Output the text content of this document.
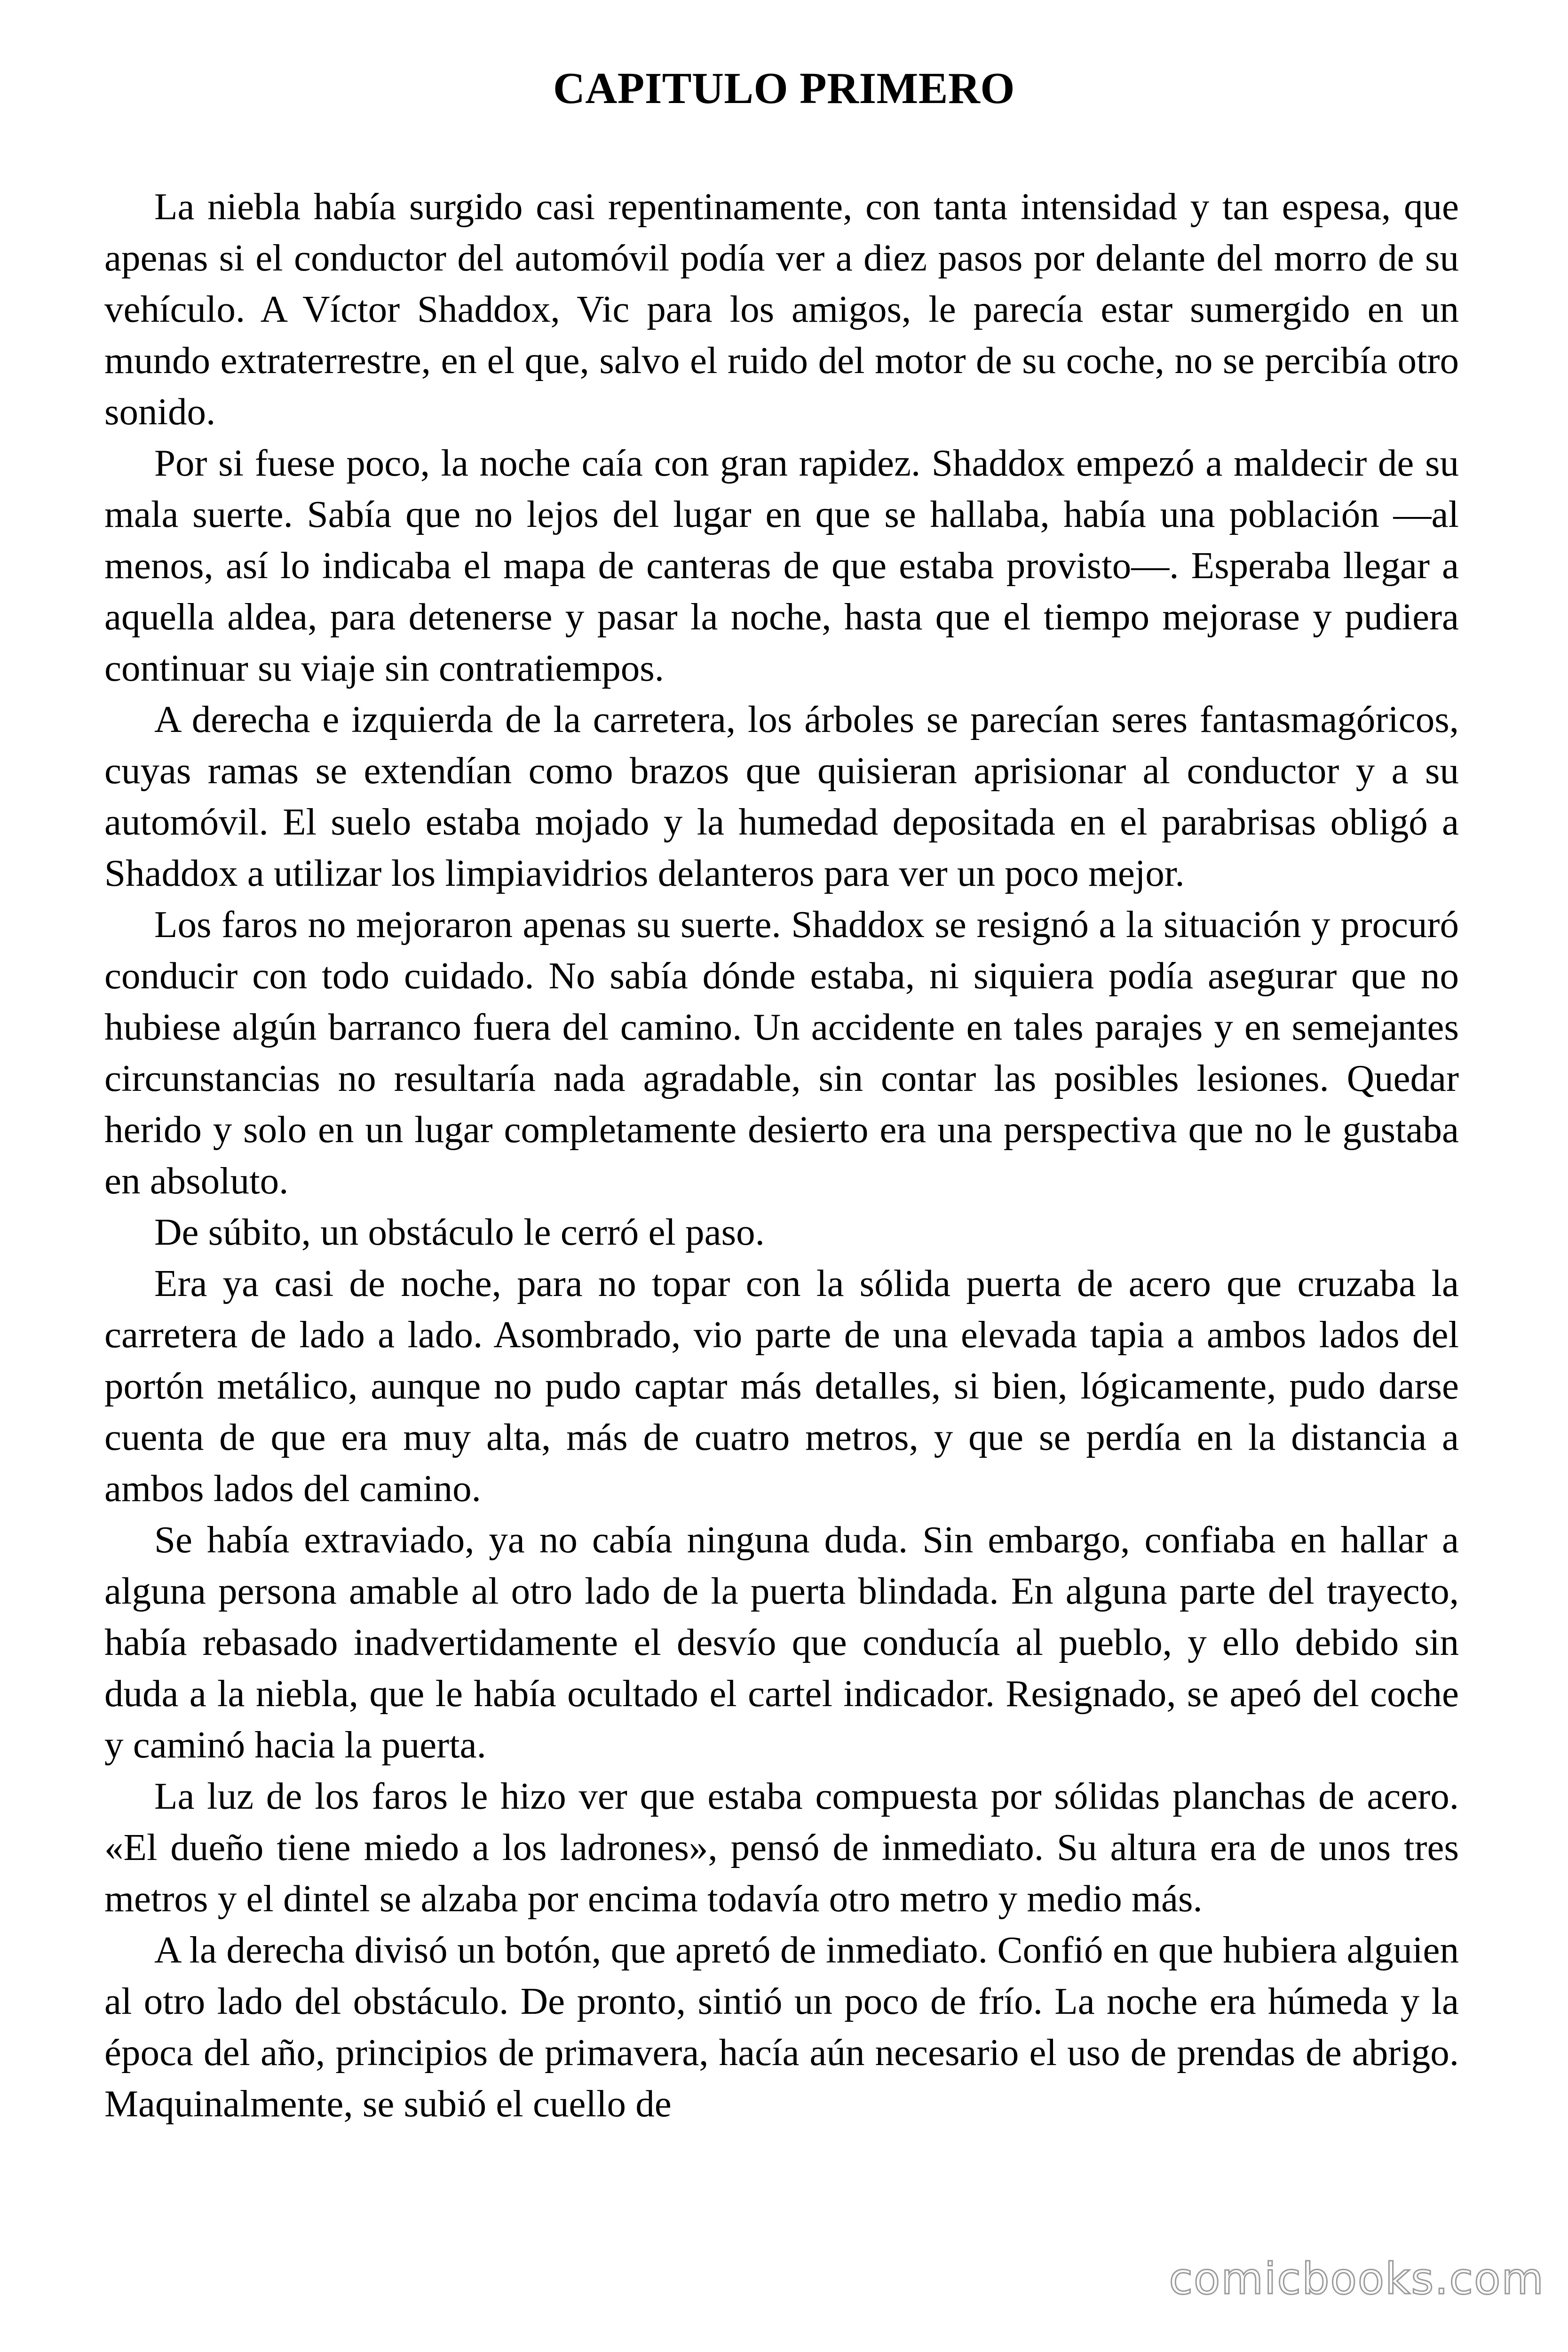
CAPITULO PRIMERO

La niebla había surgido casi repentinamente, con tanta intensidad y tan espesa, que apenas si el conductor del automóvil podía ver a diez pasos por delante del morro de su vehículo. A Víctor Shaddox, Vic para los amigos, le parecía estar sumergido en un mundo extraterrestre, en el que, salvo el ruido del motor de su coche, no se percibía otro sonido.

Por si fuese poco, la noche caía con gran rapidez. Shaddox empezó a maldecir de su mala suerte. Sabía que no lejos del lugar en que se hallaba, había una población —al menos, así lo indicaba el mapa de canteras de que estaba provisto—. Esperaba llegar a aquella aldea, para detenerse y pasar la noche, hasta que el tiempo mejorase y pudiera continuar su viaje sin contratiempos.

A derecha e izquierda de la carretera, los árboles se parecían seres fantasmagóricos, cuyas ramas se extendían como brazos que quisieran aprisionar al conductor y a su automóvil. El suelo estaba mojado y la humedad depositada en el parabrisas obligó a Shaddox a utilizar los limpiavidrios delanteros para ver un poco mejor.

Los faros no mejoraron apenas su suerte. Shaddox se resignó a la situación y procuró conducir con todo cuidado. No sabía dónde estaba, ni siquiera podía asegurar que no hubiese algún barranco fuera del camino. Un accidente en tales parajes y en semejantes circunstancias no resultaría nada agradable, sin contar las posibles lesiones. Quedar herido y solo en un lugar completamente desierto era una perspectiva que no le gustaba en absoluto.

De súbito, un obstáculo le cerró el paso.

Era ya casi de noche, para no topar con la sólida puerta de acero que cruzaba la carretera de lado a lado. Asombrado, vio parte de una elevada tapia a ambos lados del portón metálico, aunque no pudo captar más detalles, si bien, lógicamente, pudo darse cuenta de que era muy alta, más de cuatro metros, y que se perdía en la distancia a ambos lados del camino.

Se había extraviado, ya no cabía ninguna duda. Sin embargo, confiaba en hallar a alguna persona amable al otro lado de la puerta blindada. En alguna parte del trayecto, había rebasado inadvertidamente el desvío que conducía al pueblo, y ello debido sin duda a la niebla, que le había ocultado el cartel indicador. Resignado, se apeó del coche y caminó hacia la puerta.

La luz de los faros le hizo ver que estaba compuesta por sólidas planchas de acero. «El dueño tiene miedo a los ladrones», pensó de inmediato. Su altura era de unos tres metros y el dintel se alzaba por encima todavía otro metro y medio más.

A la derecha divisó un botón, que apretó de inmediato. Confió en que hubiera alguien al otro lado del obstáculo. De pronto, sintió un poco de frío. La noche era húmeda y la época del año, principios de primavera, hacía aún necesario el uso de prendas de abrigo. Maquinalmente, se subió el cuello de

comicbooks.com
